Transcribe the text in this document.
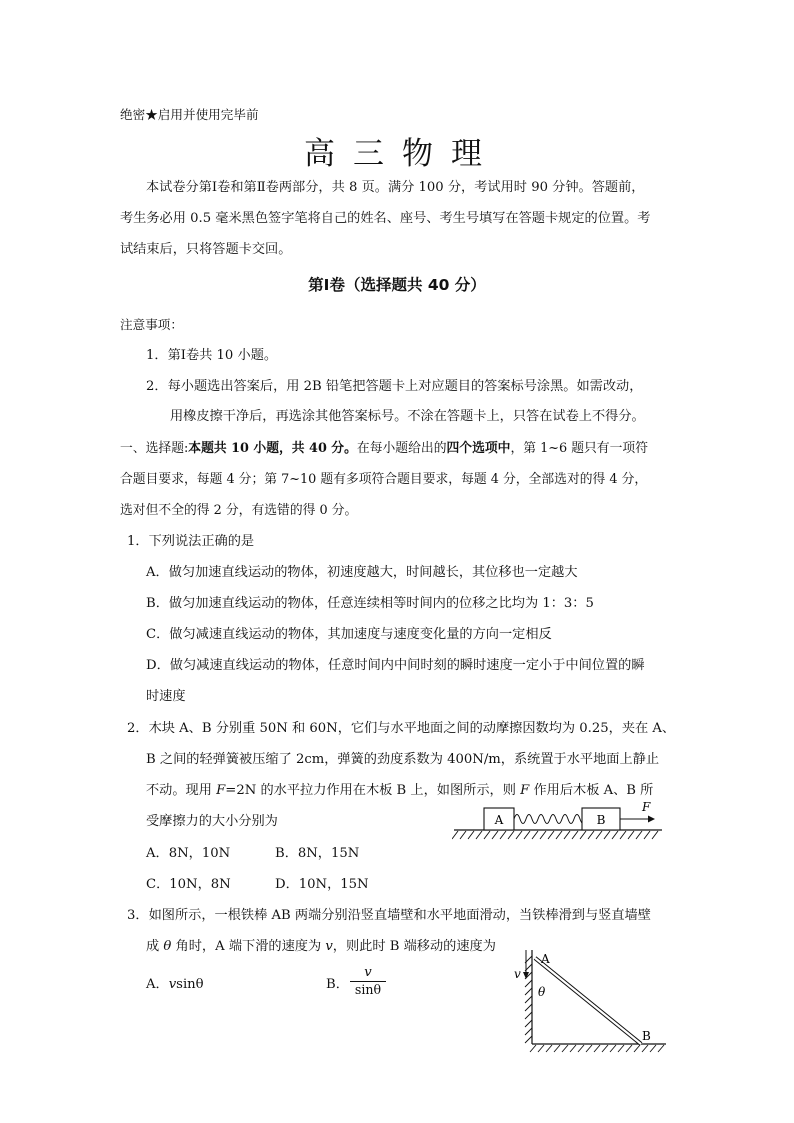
绝密★启用并使用完毕前
高三物理
本试卷分第Ⅰ卷和第Ⅱ卷两部分，共 8 页。满分 100 分，考试用时 90 分钟。答题前，
考生务必用 0.5 毫米黑色签字笔将自己的姓名、座号、考生号填写在答题卡规定的位置。考
试结束后，只将答题卡交回。
第Ⅰ卷（选择题共 40 分）
注意事项：
1．第Ⅰ卷共 10 小题。
2．每小题选出答案后，用 2B 铅笔把答题卡上对应题目的答案标号涂黑。如需改动，
用橡皮擦干净后，再选涂其他答案标号。不涂在答题卡上，只答在试卷上不得分。
一、选择题:本题共 10 小题，共 40 分。在每小题给出的四个选项中，第 1~6 题只有一项符
合题目要求，每题 4 分；第 7~10 题有多项符合题目要求，每题 4 分，全部选对的得 4 分，
选对但不全的得 2 分，有选错的得 0 分。
1．下列说法正确的是
A．做匀加速直线运动的物体，初速度越大，时间越长，其位移也一定越大
B．做匀加速直线运动的物体，任意连续相等时间内的位移之比均为 1：3：5
C．做匀减速直线运动的物体，其加速度与速度变化量的方向一定相反
D．做匀减速直线运动的物体，任意时间内中间时刻的瞬时速度一定小于中间位置的瞬
时速度
2．木块 A、B 分别重 50N 和 60N，它们与水平地面之间的动摩擦因数均为 0.25，夹在 A、
B 之间的轻弹簧被压缩了 2cm，弹簧的劲度系数为 400N/m，系统置于水平地面上静止
不动。现用 F=2N 的水平拉力作用在木板 B 上，如图所示，则 F 作用后木板 A、B 所
受摩擦力的大小分别为
A．8N，10N	B．8N，15N
C．10N，8N	D．10N，15N
A	B
F
3．如图所示，一根铁棒 AB 两端分别沿竖直墙壁和水平地面滑动，当铁棒滑到与竖直墙壁
成 θ 角时，A 端下滑的速度为 v，则此时 B 端移动的速度为
A．vsinθ	B．
v
sinθ
v
A
θ
B
